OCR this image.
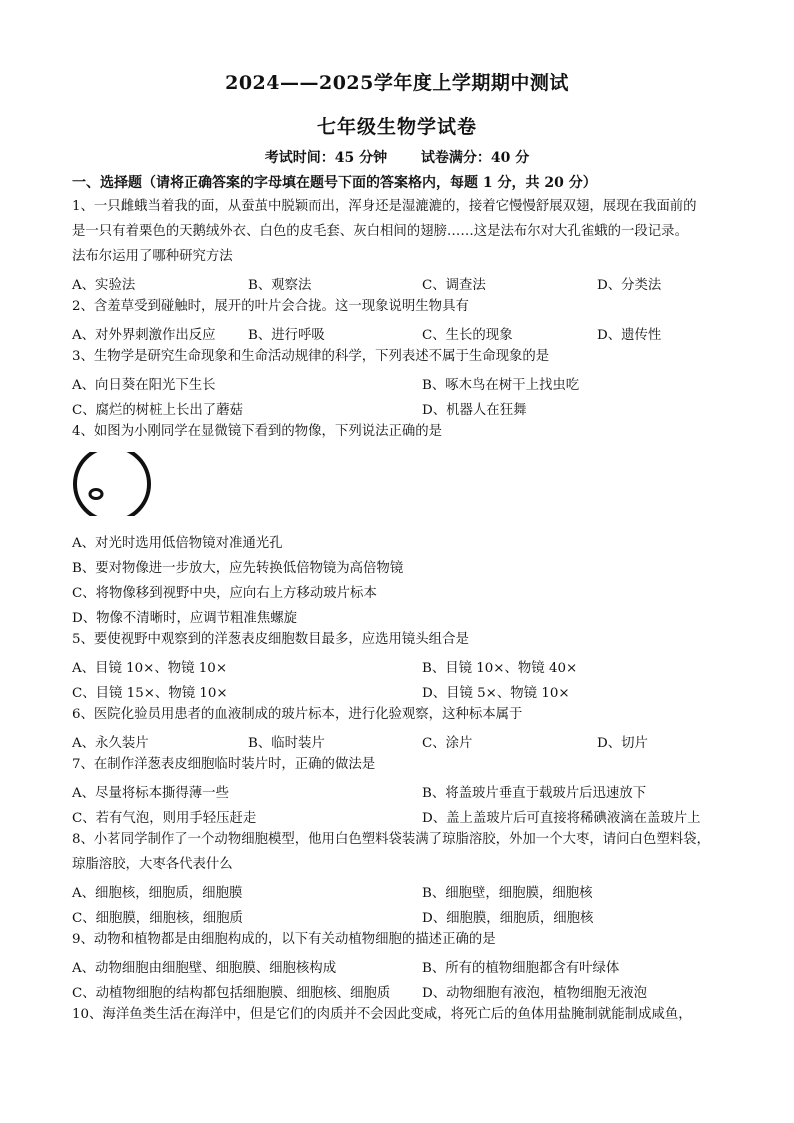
2024——2025学年度上学期期中测试
七年级生物学试卷
考试时间：45 分钟 试卷满分：40 分
一、选择题（请将正确答案的字母填在题号下面的答案格内，每题 1 分，共 20 分）
1、一只雌蛾当着我的面，从蚕茧中脱颖而出，浑身还是湿漉漉的，接着它慢慢舒展双翅，展现在我面前的
是一只有着栗色的天鹅绒外衣、白色的皮毛套、灰白相间的翅膀……这是法布尔对大孔雀蛾的一段记录。
法布尔运用了哪种研究方法
A、实验法	B、观察法	C、调查法	D、分类法
2、含羞草受到碰触时，展开的叶片会合拢。这一现象说明生物具有
A、对外界刺激作出反应 B、进行呼吸	C、生长的现象	D、遗传性
3、生物学是研究生命现象和生命活动规律的科学，下列表述不属于生命现象的是
A、向日葵在阳光下生长	B、啄木鸟在树干上找虫吃
C、腐烂的树桩上长出了蘑菇	D、机器人在狂舞
4、如图为小刚同学在显微镜下看到的物像，下列说法正确的是
A、对光时选用低倍物镜对准通光孔
B、要对物像进一步放大，应先转换低倍物镜为高倍物镜
C、将物像移到视野中央，应向右上方移动玻片标本
D、物像不清晰时，应调节粗准焦螺旋
5、要使视野中观察到的洋葱表皮细胞数目最多，应选用镜头组合是
A、目镜 10×、物镜 10×	B、目镜 10×、物镜 40×
C、目镜 15×、物镜 10×	D、目镜 5×、物镜 10×
6、医院化验员用患者的血液制成的玻片标本，进行化验观察，这种标本属于
A、永久装片	B、临时装片	C、涂片	D、切片
7、在制作洋葱表皮细胞临时装片时，正确的做法是
A、尽量将标本撕得薄一些	B、将盖玻片垂直于载玻片后迅速放下
C、若有气泡，则用手轻压赶走	D、盖上盖玻片后可直接将稀碘液滴在盖玻片上
8、小茗同学制作了一个动物细胞模型，他用白色塑料袋装满了琼脂溶胶，外加一个大枣，请问白色塑料袋，
琼脂溶胶，大枣各代表什么
A、细胞核，细胞质，细胞膜	B、细胞壁，细胞膜，细胞核
C、细胞膜，细胞核，细胞质	D、细胞膜，细胞质，细胞核
9、动物和植物都是由细胞构成的，以下有关动植物细胞的描述正确的是
A、动物细胞由细胞壁、细胞膜、细胞核构成	B、所有的植物细胞都含有叶绿体
C、动植物细胞的结构都包括细胞膜、细胞核、细胞质 D、动物细胞有液泡，植物细胞无液泡
10、海洋鱼类生活在海洋中，但是它们的肉质并不会因此变咸，将死亡后的鱼体用盐腌制就能制成咸鱼，
